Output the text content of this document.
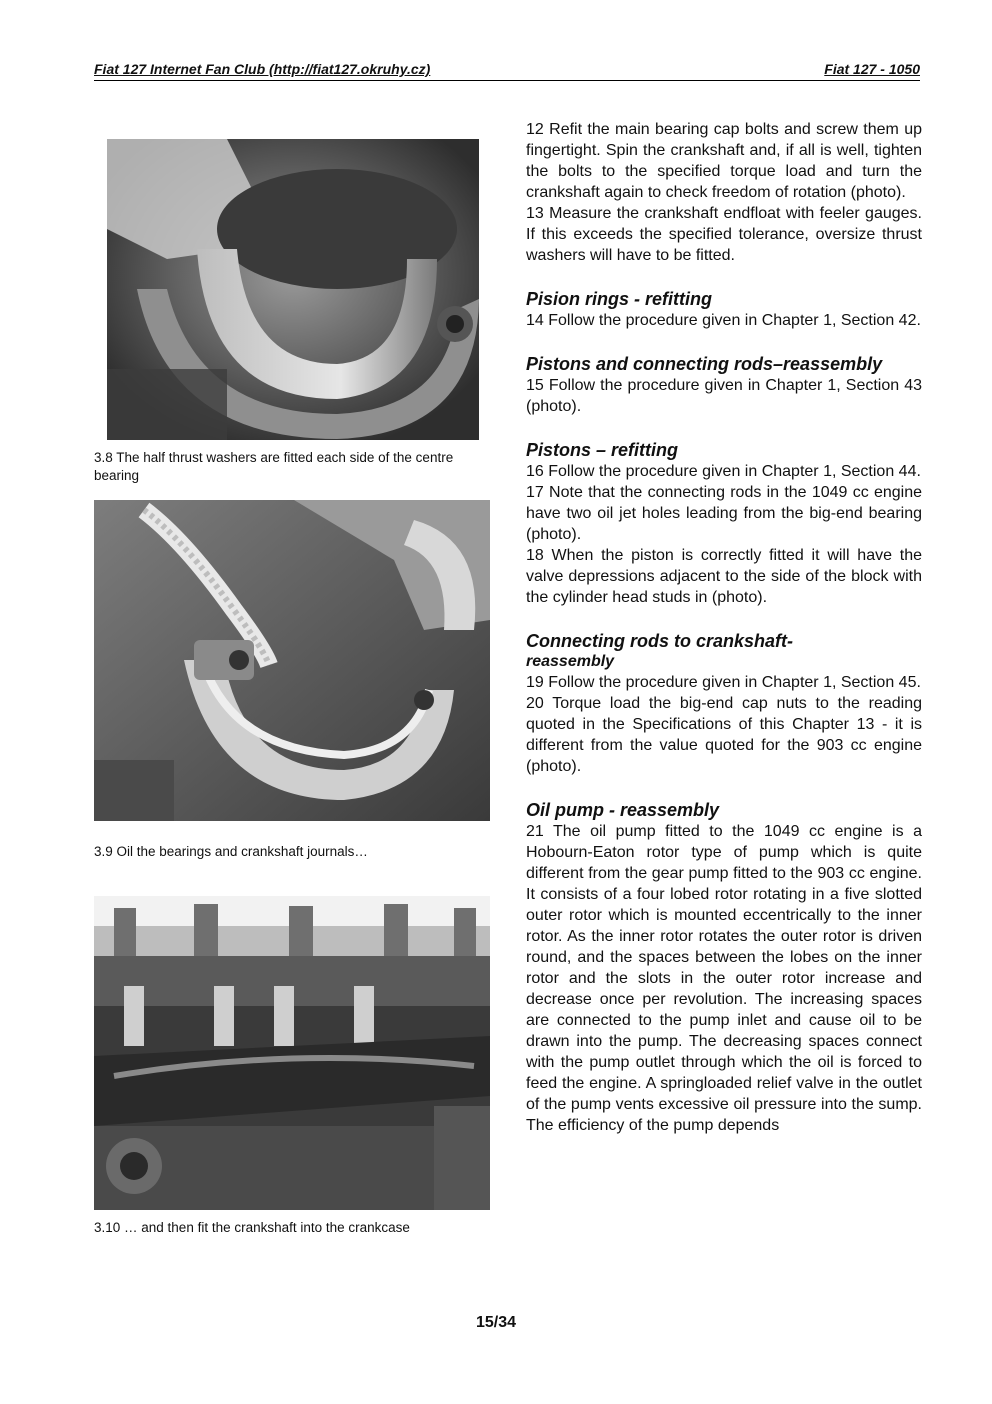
Fiat 127 Internet Fan Club (http://fiat127.okruhy.cz)	Fiat 127 - 1050
3.8 The half thrust washers are fitted each side of the centre bearing
3.9 Oil the bearings and crankshaft journals…
3.10 … and then fit the crankshaft into the crankcase

12 Refit the main bearing cap bolts and screw them up fingertight. Spin the crankshaft and, if all is well, tighten the bolts to the specified torque load and turn the crankshaft again to check freedom of rotation (photo).

13 Measure the crankshaft endfloat with feeler gauges. If this exceeds the specified tolerance, oversize thrust washers will have to be fitted.

Pision rings - refitting

14 Follow the procedure given in Chapter 1, Section 42.

Pistons and connecting rods–reassembly

15 Follow the procedure given in Chapter 1, Section 43 (photo).

Pistons – refitting

16 Follow the procedure given in Chapter 1, Section 44.

17 Note that the connecting rods in the 1049 cc engine have two oil jet holes leading from the big-end bearing (photo).

18 When the piston is correctly fitted it will have the valve depressions adjacent to the side of the block with the cylinder head studs in (photo).

Connecting rods to crankshaft-
reassembly

19 Follow the procedure given in Chapter 1, Section 45.

20 Torque load the big-end cap nuts to the reading quoted in the Specifications of this Chapter 13 - it is different from the value quoted for the 903 cc engine (photo).

Oil pump - reassembly

21 The oil pump fitted to the 1049 cc engine is a Hobourn-Eaton rotor type of pump which is quite different from the gear pump fitted to the 903 cc engine. It consists of a four lobed rotor rotating in a five slotted outer rotor which is mounted eccentrically to the inner rotor. As the inner rotor rotates the outer rotor is driven round, and the spaces between the lobes on the inner rotor and the slots in the outer rotor increase and decrease once per revolution. The increasing spaces are connected to the pump inlet and cause oil to be drawn into the pump. The decreasing spaces connect with the pump outlet through which the oil is forced to feed the engine. A springloaded relief valve in the outlet of the pump vents excessive oil pressure into the sump. The efficiency of the pump depends

15/34
